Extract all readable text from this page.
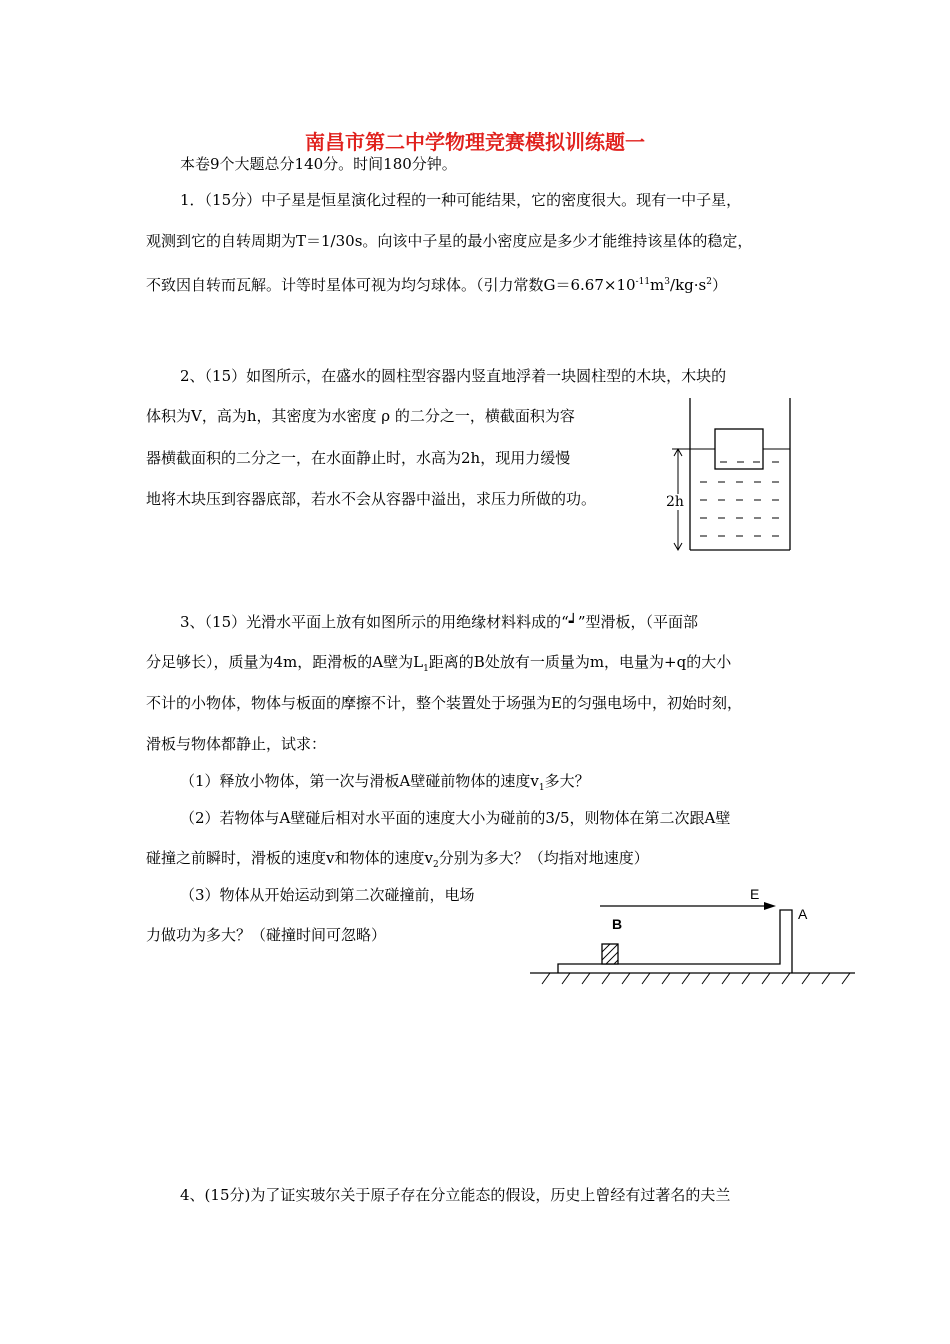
南昌市第二中学物理竞赛模拟训练题一
本卷9个大题总分140分。时间180分钟。
1．（15分）中子星是恒星演化过程的一种可能结果，它的密度很大。现有一中子星，
观测到它的自转周期为T＝1/30s。向该中子星的最小密度应是多少才能维持该星体的稳定，
不致因自转而瓦解。计等时星体可视为均匀球体。（引力常数$G=6.67\times 10^{-11}m^3/kg\cdot s^2$）
2、（15）如图所示，在盛水的圆柱型容器内竖直地浮着一块圆柱型的木块，木块的
体积为V，高为h，其密度为水密度 ρ 的二分之一，横截面积为容
器横截面积的二分之一，在水面静止时，水高为2h，现用力缓慢
地将木块压到容器底部，若水不会从容器中溢出，求压力所做的功。	2h
3、（15）光滑水平面上放有如图所示的用绝缘材料料成的“┙”型滑板，（平面部
分足够长），质量为4m，距滑板的A壁为$L_1$距离的B处放有一质量为m，电量为+q的大小
不计的小物体，物体与板面的摩擦不计，整个装置处于场强为E的匀强电场中，初始时刻，
滑板与物体都静止，试求：
（1）释放小物体，第一次与滑板A壁碰前物体的速度$v_1$多大？
（2）若物体与A壁碰后相对水平面的速度大小为碰前的3/5，则物体在第二次跟A壁
碰撞之前瞬时，滑板的速度v和物体的速度$v_2$分别为多大？（均指对地速度）
（3）物体从开始运动到第二次碰撞前，电场
力做功为多大？（碰撞时间可忽略）
E
A
B
4、(15分)为了证实玻尔关于原子存在分立能态的假设，历史上曾经有过著名的夫兰
